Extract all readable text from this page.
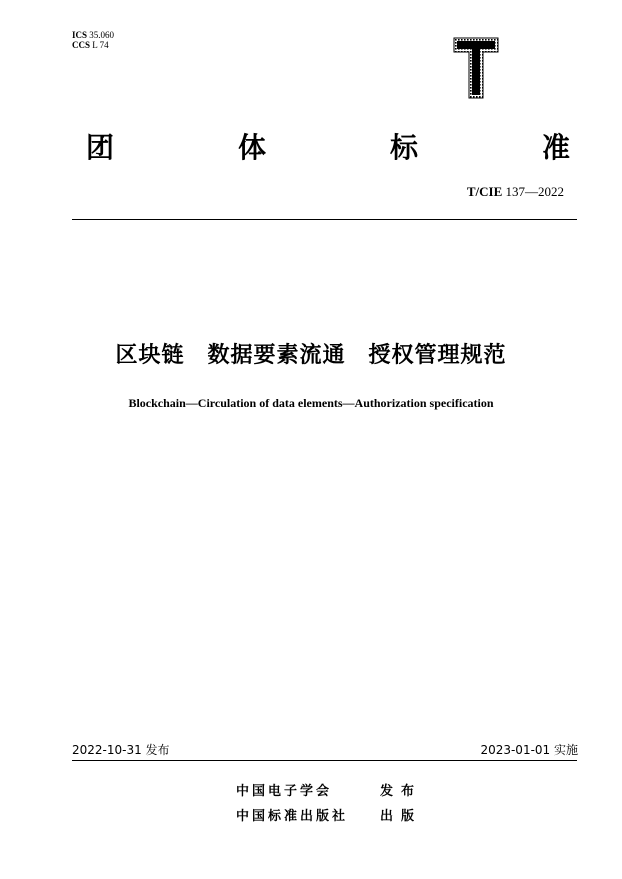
ICS 35.060
CCS L 74
团	体	标	准
T/CIE 137—2022
区块链　数据要素流通　授权管理规范
Blockchain—Circulation of data elements—Authorization specification
2022-10-31 发布	2023-01-01 实施
中国电子学会	发布
中国标准出版社	出版
